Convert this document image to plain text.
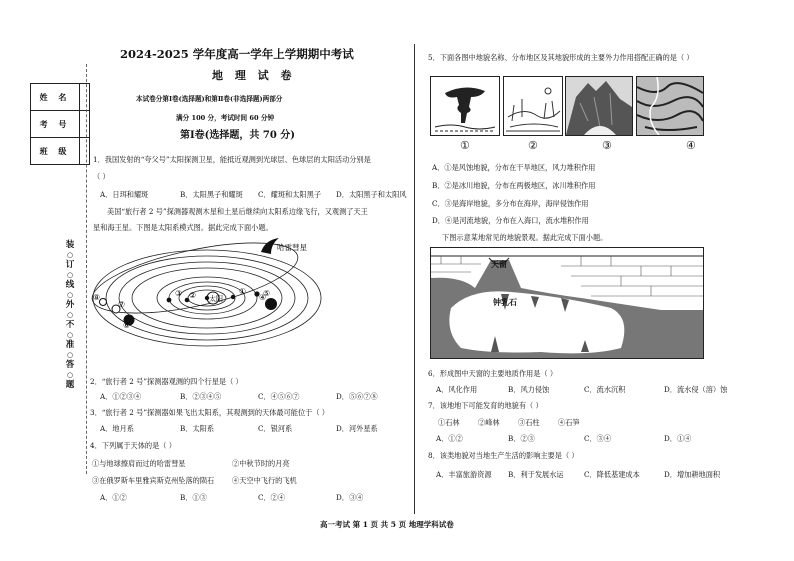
姓 名	
考 号	
班 级	
装
○
订
○
线
○
外
○
不
○
准
○
答
○
题
2024-2025 学年度高一学年上学期期中考试
地 理 试 卷
本试卷分第Ⅰ卷(选择题)和第Ⅱ卷(非选择题)两部分
满分 100 分，考试时间 60 分钟
第Ⅰ卷(选择题，共 70 分)
1．我国发射的“夸父号”太阳探测卫星，能抵近观测到光球层、色球层的太阳活动分别是
（ ）
A．日珥和耀斑	B．太阳黑子和耀斑 C．耀斑和太阳黑子 D．太阳黑子和太阳风
美国“旅行者 2 号”探测器观测木星和土星后继续向太阳系边缘飞行，又观测了天王
星和海王星。下图是太阳系模式图。据此完成下面小题。
哈雷彗星
太阳
⑧
⑦
⑥
③ ②	①
④
⑤
2．“旅行者 2 号”探测器观测的四个行星是（ ）
A．①②③④	B．②③④⑤	C．④⑤⑥⑦	D．⑤⑥⑦⑧
3．“旅行者 2 号”探测器如果飞出太阳系，其观测到的天体最可能位于（ ）
A．地月系	B．太阳系	C．银河系	D．河外星系
4．下列属于天体的是（ ）
①与地球擦肩而过的哈雷彗星	②中秋节时的月亮
③在俄罗斯车里雅宾斯克州坠落的陨石 ④天空中飞行的飞机
A．①②	B．①③	C．②④	D．③④
5．下面各图中地貌名称、分布地区及其地貌形成的主要外力作用搭配正确的是（ ）
①	②	③	④
A．①是风蚀地貌，分布在干旱地区，风力堆积作用
B．②是冰川地貌，分布在两极地区，冰川堆积作用
C．③是海岸地貌，多分布在海岸，海岸侵蚀作用
D．④是河流地貌，分布在入海口，流水堆积作用
下图示意某地常见的地貌景观。据此完成下面小题。
天窗
钟乳石
6．形成图中天窗的主要地质作用是（ ）
A．风化作用	B．风力侵蚀	C．流水沉积	D．流水侵（溶）蚀
7．该地地下可能发育的地貌有（ ）
①石林	②峰林	③石柱	④石笋
A．①②	B．②③	C．③④	D．①④
8．该类地貌对当地生产生活的影响主要是（ ）
A．丰富旅游资源 B．利于发展水运	C．降低基建成本	D．增加耕地面积
高一考试 第 1 页 共 5 页 地理学科试卷
